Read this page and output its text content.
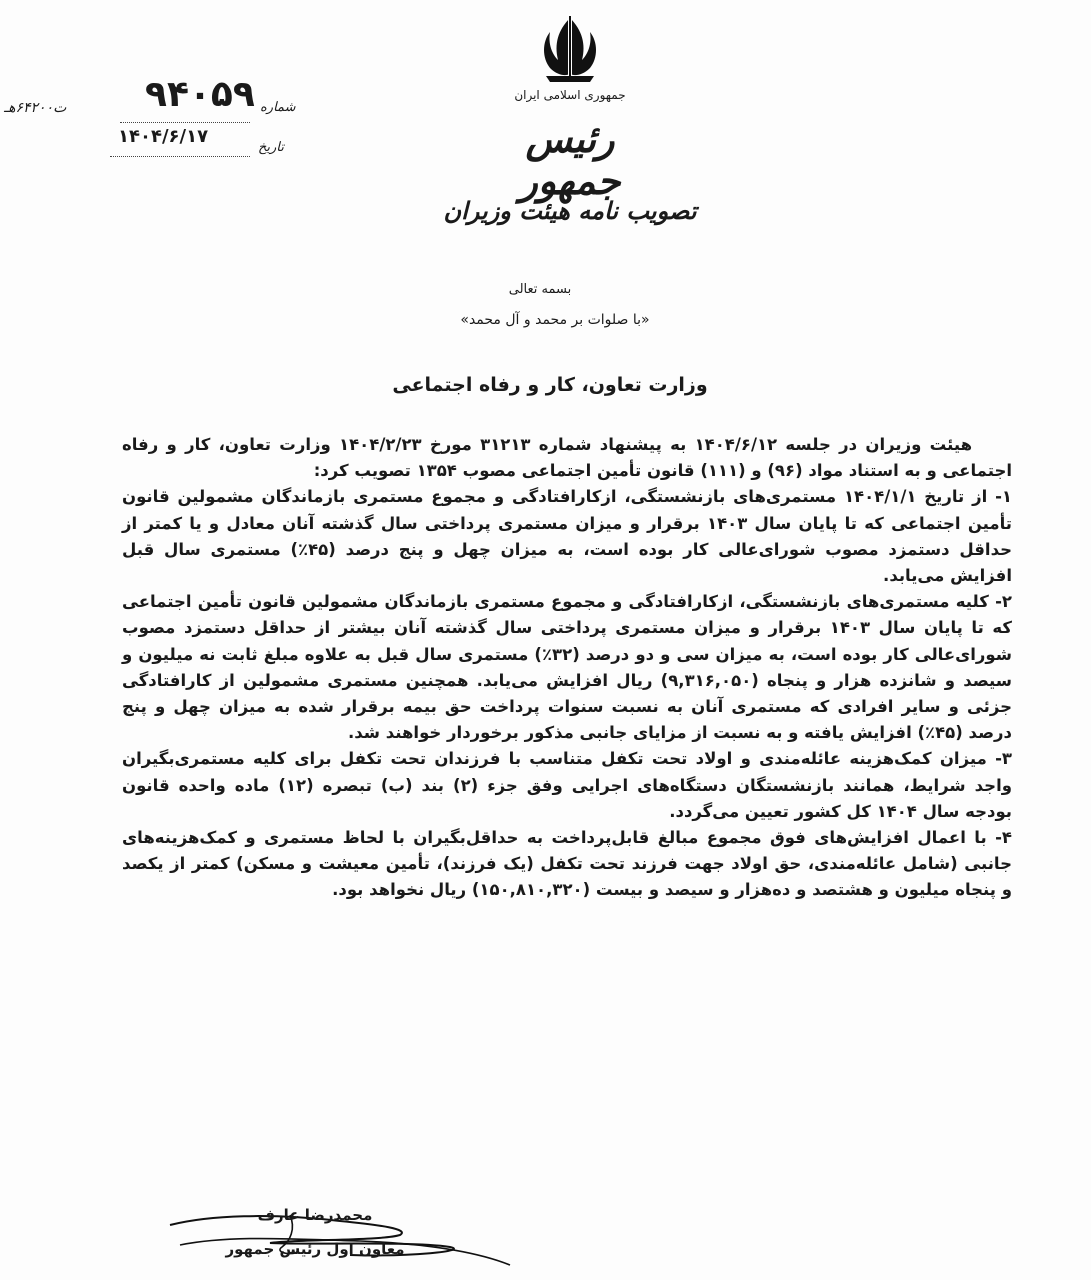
جمهوری اسلامی ایران
رئیس جمهور
تصویب نامه هیئت وزیران
شماره
۹۴۰۵۹
ت۶۴۲۰۰هـ
تاریخ
۱۴۰۴/۶/۱۷
بسمه تعالی
«با صلوات بر محمد و آل محمد»
وزارت تعاون، کار و رفاه اجتماعی

هیئت وزیران در جلسه ۱۴۰۴/۶/۱۲ به پیشنهاد شماره ۳۱۲۱۳ مورخ ۱۴۰۴/۲/۲۳ وزارت تعاون، کار و رفاه اجتماعی و به استناد مواد (۹۶) و (۱۱۱) قانون تأمین اجتماعی مصوب ۱۳۵۴ تصویب کرد:

۱- از تاریخ ۱۴۰۴/۱/۱ مستمری‌های بازنشستگی، ازکارافتادگی و مجموع مستمری بازماندگان مشمولین قانون تأمین اجتماعی که تا پایان سال ۱۴۰۳ برقرار و میزان مستمری پرداختی سال گذشته آنان معادل و یا کمتر از حداقل دستمزد مصوب شورای‌عالی کار بوده است، به میزان چهل و پنج درصد (۴۵٪) مستمری سال قبل افزایش می‌یابد.

۲- کلیه مستمری‌های بازنشستگی، ازکارافتادگی و مجموع مستمری بازماندگان مشمولین قانون تأمین اجتماعی که تا پایان سال ۱۴۰۳ برقرار و میزان مستمری پرداختی سال گذشته آنان بیشتر از حداقل دستمزد مصوب شورای‌عالی کار بوده است، به میزان سی و دو درصد (۳۲٪) مستمری سال قبل به علاوه مبلغ ثابت نه میلیون و سیصد و شانزده هزار و پنجاه (۹,۳۱۶,۰۵۰) ریال افزایش می‌یابد. همچنین مستمری مشمولین از کارافتادگی جزئی و سایر افرادی که مستمری آنان به نسبت سنوات پرداخت حق بیمه برقرار شده به میزان چهل و پنج درصد (۴۵٪) افزایش یافته و به نسبت از مزایای جانبی مذکور برخوردار خواهند شد.

۳- میزان کمک‌هزینه عائله‌مندی و اولاد تحت تکفل متناسب با فرزندان تحت تکفل برای کلیه مستمری‌بگیران واجد شرایط، همانند بازنشستگان دستگاه‌های اجرایی وفق جزء (۲) بند (ب) تبصره (۱۲) ماده واحده قانون بودجه سال ۱۴۰۴ کل کشور تعیین می‌گردد.

۴- با اعمال افزایش‌های فوق مجموع مبالغ قابل‌پرداخت به حداقل‌بگیران با لحاظ مستمری و کمک‌هزینه‌های جانبی (شامل عائله‌مندی، حق اولاد جهت فرزند تحت تکفل (یک فرزند)، تأمین معیشت و مسکن) کمتر از یکصد و پنجاه میلیون و هشتصد و ده‌هزار و سیصد و بیست (۱۵۰,۸۱۰,۳۲۰) ریال نخواهد بود.

محمدرضا عارف
معاون اول رئیس جمهور
